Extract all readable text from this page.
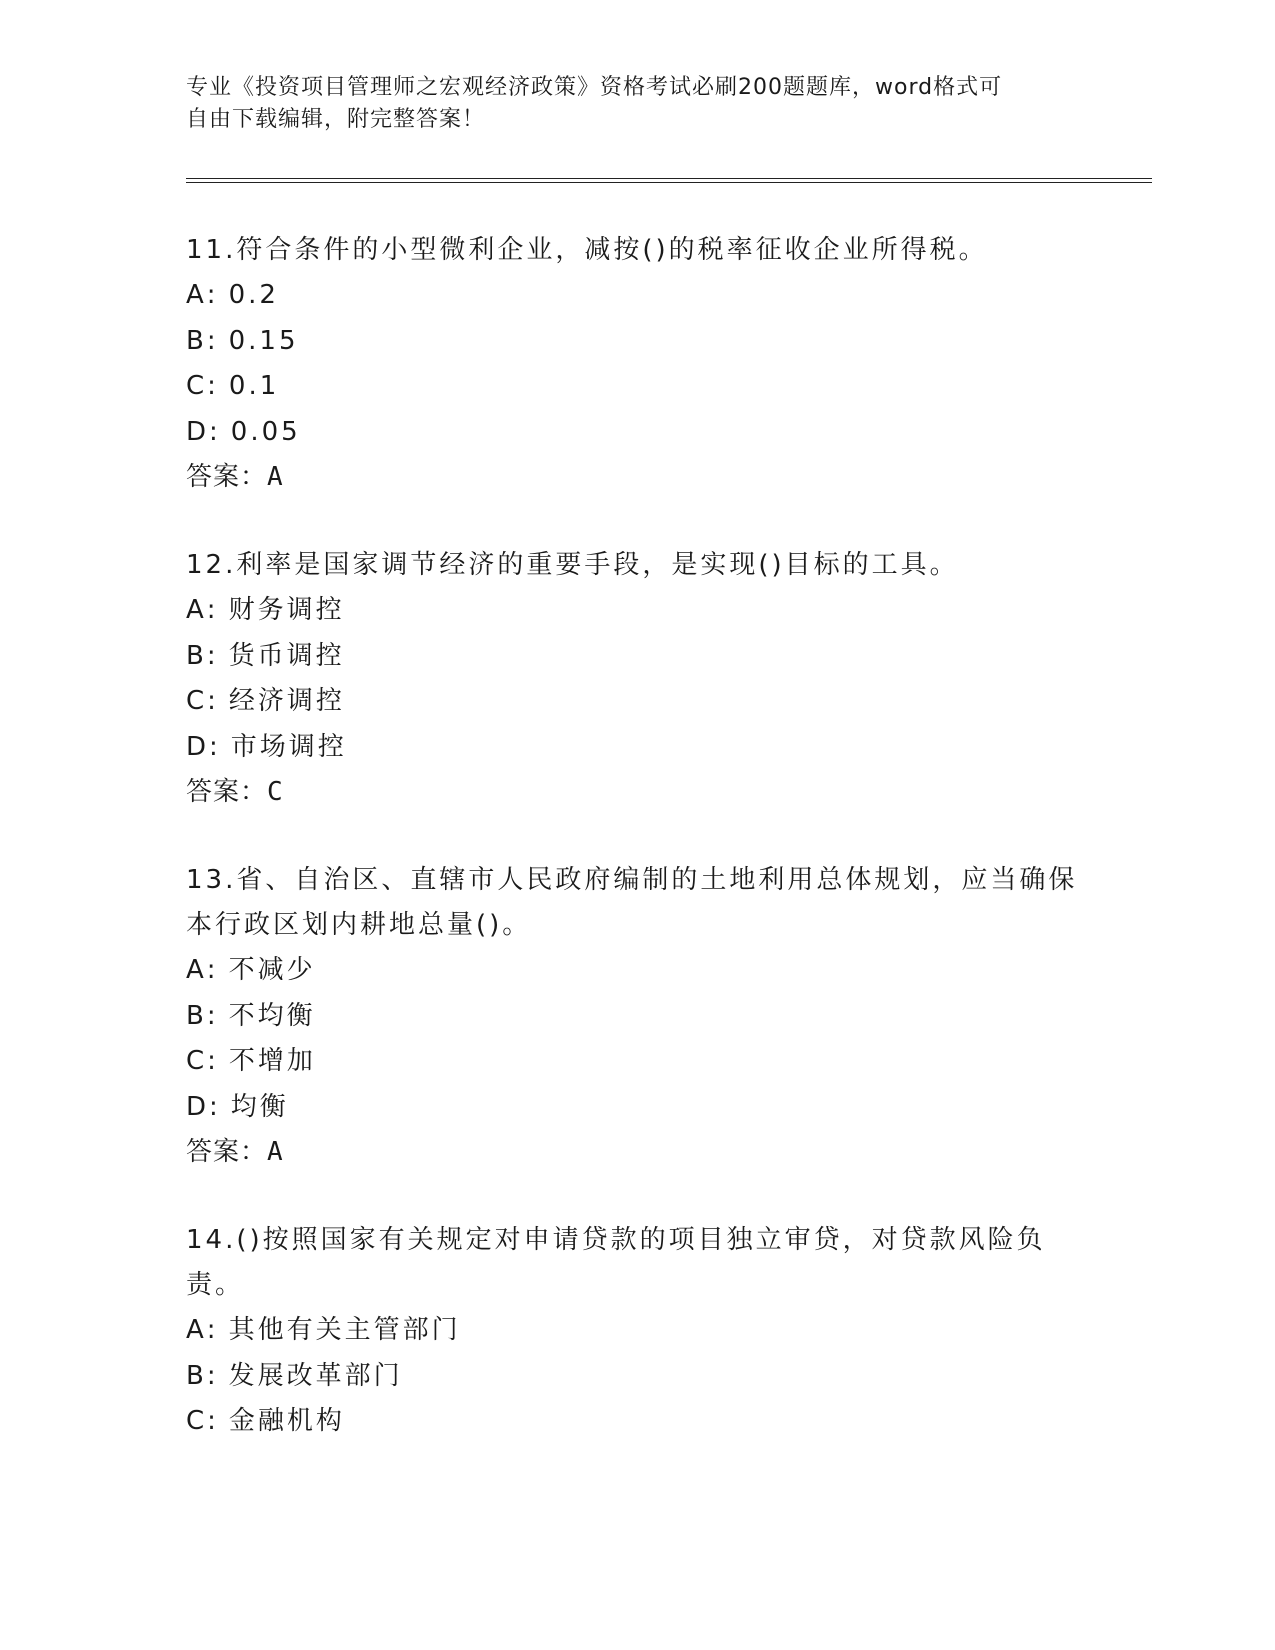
专业《投资项目管理师之宏观经济政策》资格考试必刷200题题库，word格式可
自由下载编辑，附完整答案！

11.符合条件的小型微利企业，减按()的税率征收企业所得税。

A: 0.2

B: 0.15

C: 0.1

D: 0.05

答案：A

12.利率是国家调节经济的重要手段，是实现()目标的工具。

A: 财务调控

B: 货币调控

C: 经济调控

D: 市场调控

答案：C

13.省、自治区、直辖市人民政府编制的土地利用总体规划，应当确保本行政区划内耕地总量()。

A: 不减少

B: 不均衡

C: 不增加

D: 均衡

答案：A

14.()按照国家有关规定对申请贷款的项目独立审贷，对贷款风险负责。

A: 其他有关主管部门

B: 发展改革部门

C: 金融机构
